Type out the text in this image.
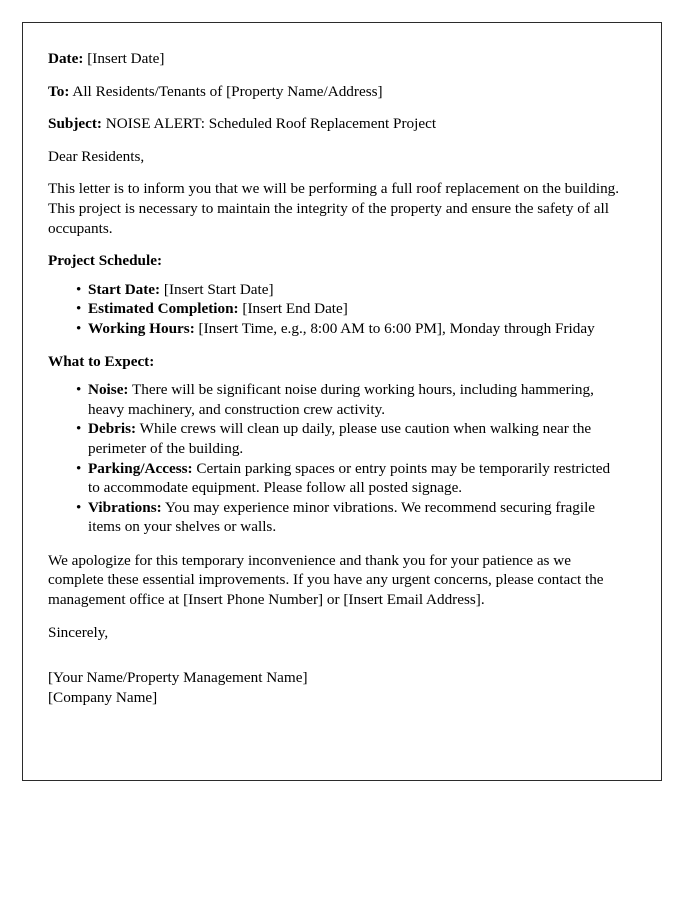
Date: [Insert Date]

To: All Residents/Tenants of [Property Name/Address]

Subject: NOISE ALERT: Scheduled Roof Replacement Project

Dear Residents,

This letter is to inform you that we will be performing a full roof replacement on the building. This project is necessary to maintain the integrity of the property and ensure the safety of all occupants.

Project Schedule:

• Start Date: [Insert Start Date]
• Estimated Completion: [Insert End Date]
• Working Hours: [Insert Time, e.g., 8:00 AM to 6:00 PM], Monday through Friday

What to Expect:

• Noise: There will be significant noise during working hours, including hammering, heavy machinery, and construction crew activity.
• Debris: While crews will clean up daily, please use caution when walking near the perimeter of the building.
• Parking/Access: Certain parking spaces or entry points may be temporarily restricted to accommodate equipment. Please follow all posted signage.
• Vibrations: You may experience minor vibrations. We recommend securing fragile items on your shelves or walls.

We apologize for this temporary inconvenience and thank you for your patience as we complete these essential improvements. If you have any urgent concerns, please contact the management office at [Insert Phone Number] or [Insert Email Address].

Sincerely,

[Your Name/Property Management Name]
[Company Name]
